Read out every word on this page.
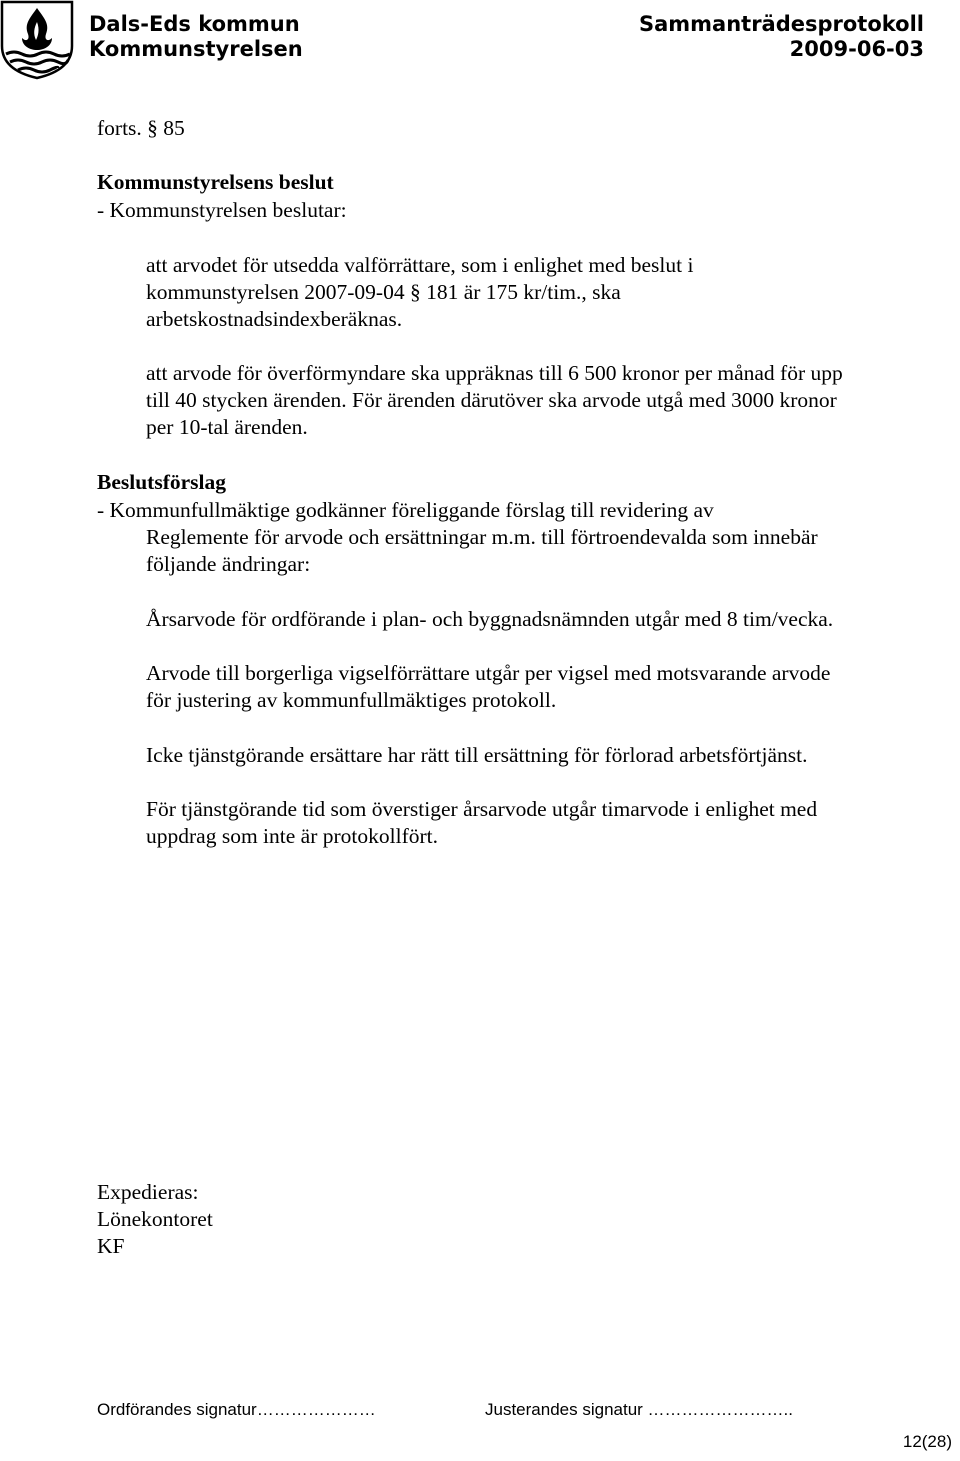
Dals-Eds kommun
Kommunstyrelsen
Sammanträdesprotokoll
2009-06-03
forts. § 85
Kommunstyrelsens beslut
- Kommunstyrelsen beslutar:
att arvodet för utsedda valförrättare, som i enlighet med beslut i
kommunstyrelsen 2007-09-04 § 181 är 175 kr/tim., ska
arbetskostnadsindexberäknas.
att arvode för överförmyndare ska uppräknas till 6 500 kronor per månad för upp
till 40 stycken ärenden. För ärenden därutöver ska arvode utgå med 3000 kronor
per 10-tal ärenden.
Beslutsförslag
- Kommunfullmäktige godkänner föreliggande förslag till revidering av
Reglemente för arvode och ersättningar m.m. till förtroendevalda som innebär
följande ändringar:
Årsarvode för ordförande i plan- och byggnadsnämnden utgår med 8 tim/vecka.
Arvode till borgerliga vigselförrättare utgår per vigsel med motsvarande arvode
för justering av kommunfullmäktiges protokoll.
Icke tjänstgörande ersättare har rätt till ersättning för förlorad arbetsförtjänst.
För tjänstgörande tid som överstiger årsarvode utgår timarvode i enlighet med
uppdrag som inte är protokollfört.
Expedieras:
Lönekontoret
KF
Ordförandes signatur…………………	Justerandes signatur ……………………..
12(28)
